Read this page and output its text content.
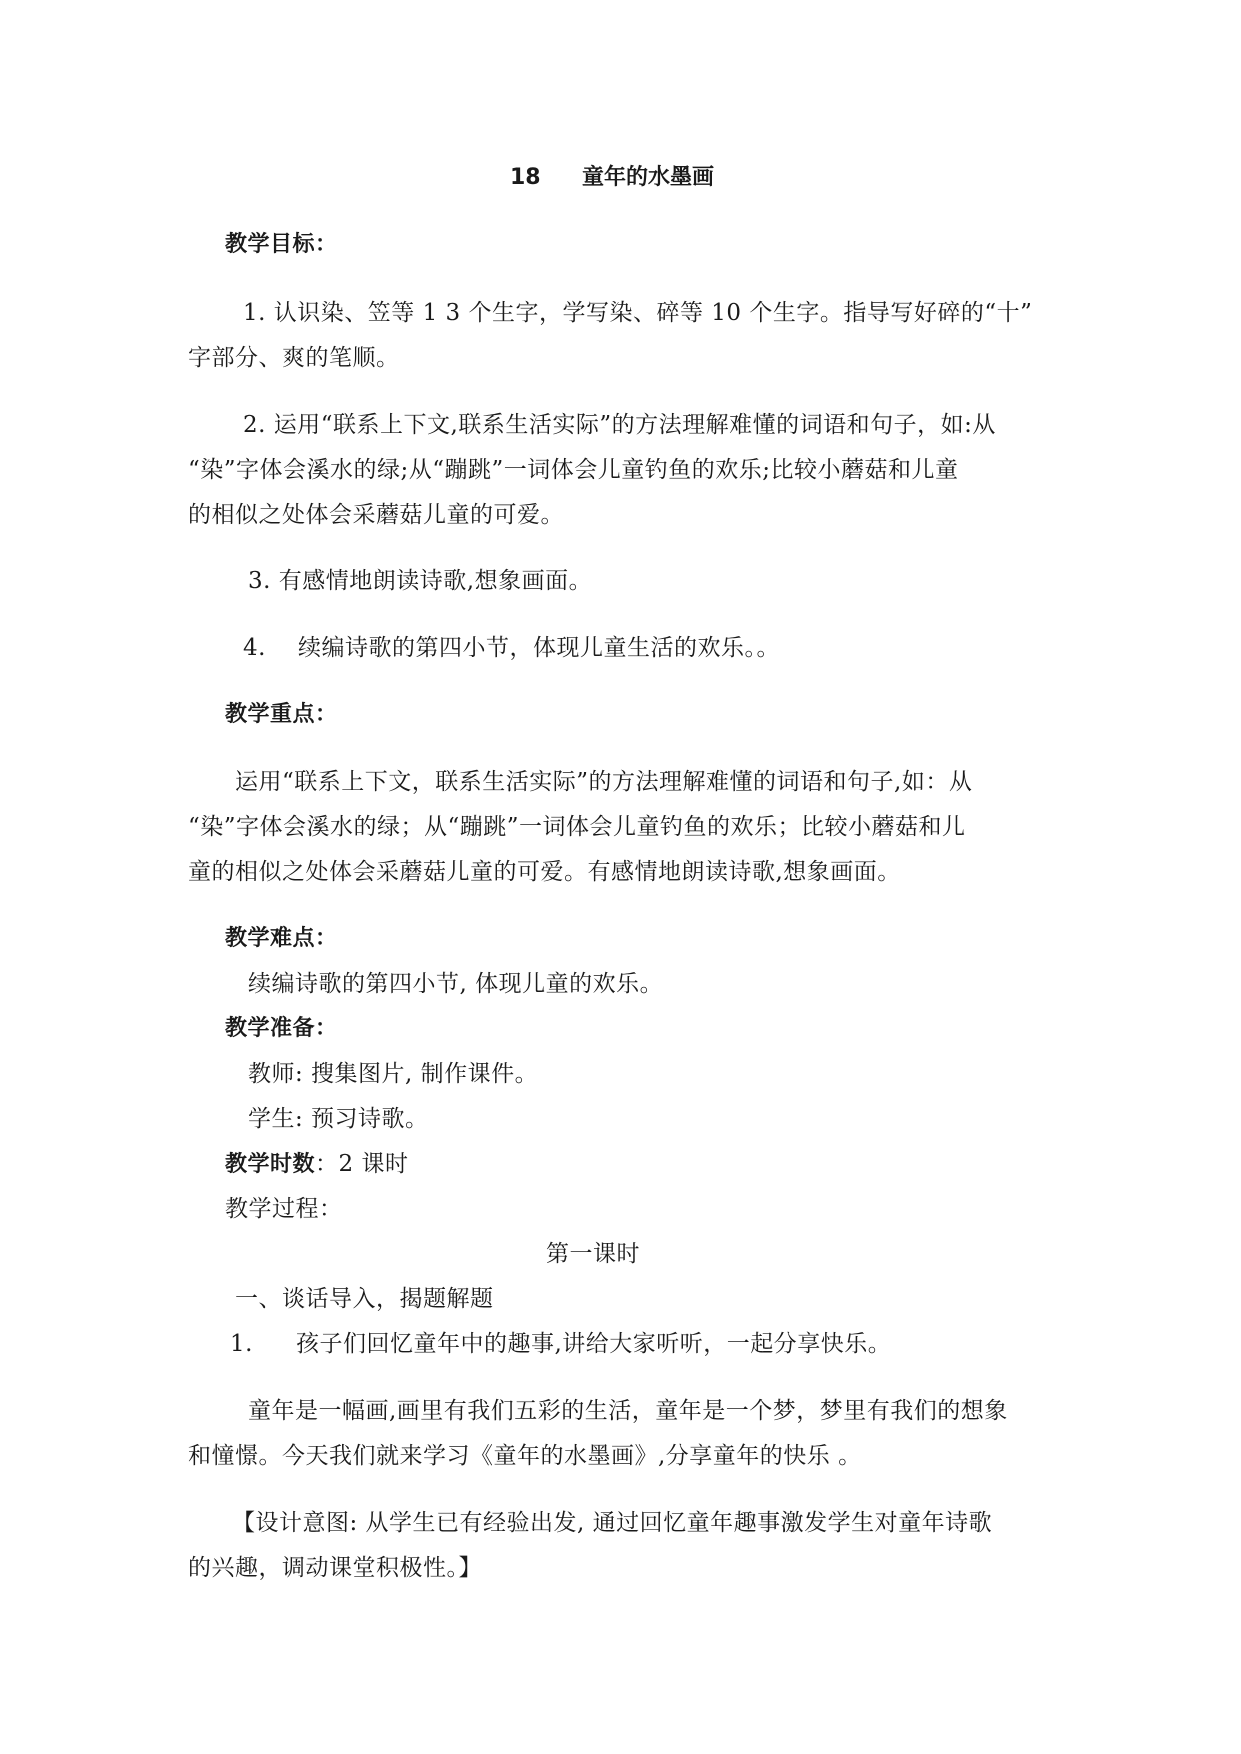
18 童年的水墨画
教学目标：
1. 认识染、笠等 1 3 个生字，学写染、碎等 10 个生字。指导写好碎的“十”
字部分、爽的笔顺。
2. 运用“联系上下文,联系生活实际”的方法理解难懂的词语和句子，如:从
“染”字体会溪水的绿;从“蹦跳”一词体会儿童钓鱼的欢乐;比较小蘑菇和儿童
的相似之处体会采蘑菇儿童的可爱。
3. 有感情地朗读诗歌,想象画面。
4. 续编诗歌的第四小节，体现儿童生活的欢乐。。
教学重点：
运用“联系上下文，联系生活实际”的方法理解难懂的词语和句子,如：从
“染”字体会溪水的绿；从“蹦跳”一词体会儿童钓鱼的欢乐；比较小蘑菇和儿
童的相似之处体会采蘑菇儿童的可爱。有感情地朗读诗歌,想象画面。
教学难点：
续编诗歌的第四小节, 体现儿童的欢乐。
教学准备：
教师: 搜集图片, 制作课件。
学生: 预习诗歌。
教学时数：2 课时
教学过程：
第一课时
一、谈话导入，揭题解题
1. 孩子们回忆童年中的趣事,讲给大家听听，一起分享快乐。
童年是一幅画,画里有我们五彩的生活，童年是一个梦，梦里有我们的想象
和憧憬。今天我们就来学习《童年的水墨画》,分享童年的快乐 。
【设计意图: 从学生已有经验出发, 通过回忆童年趣事激发学生对童年诗歌
的兴趣，调动课堂积极性。】
